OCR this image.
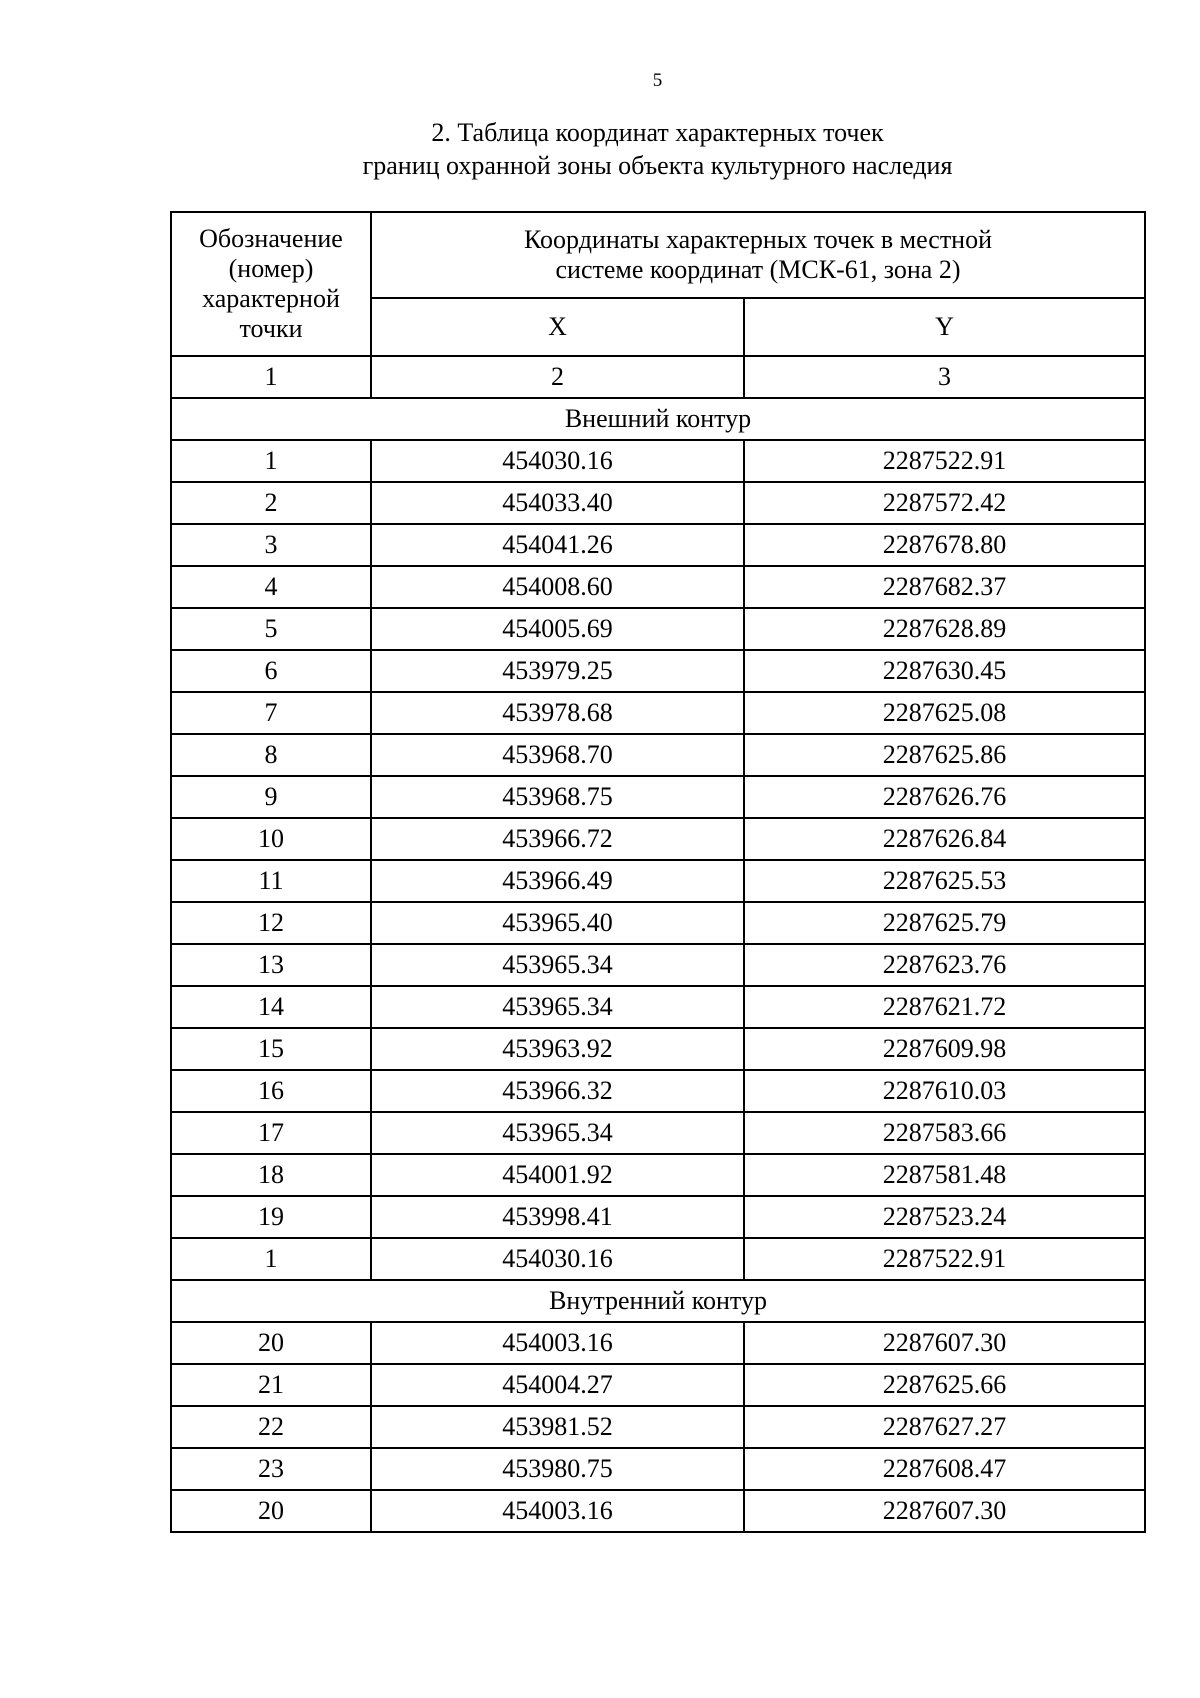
5
2. Таблица координат характерных точек
границ охранной зоны объекта культурного наследия
Обозначение (номер) характерной точки	Координаты характерных точек в местной системе координат (МСК-61, зона 2)	
	X	Y
1	2	3
Внешний контур		
1	454030.16	2287522.91
2	454033.40	2287572.42
3	454041.26	2287678.80
4	454008.60	2287682.37
5	454005.69	2287628.89
6	453979.25	2287630.45
7	453978.68	2287625.08
8	453968.70	2287625.86
9	453968.75	2287626.76
10	453966.72	2287626.84
11	453966.49	2287625.53
12	453965.40	2287625.79
13	453965.34	2287623.76
14	453965.34	2287621.72
15	453963.92	2287609.98
16	453966.32	2287610.03
17	453965.34	2287583.66
18	454001.92	2287581.48
19	453998.41	2287523.24
1	454030.16	2287522.91
Внутренний контур		
20	454003.16	2287607.30
21	454004.27	2287625.66
22	453981.52	2287627.27
23	453980.75	2287608.47
20	454003.16	2287607.30
